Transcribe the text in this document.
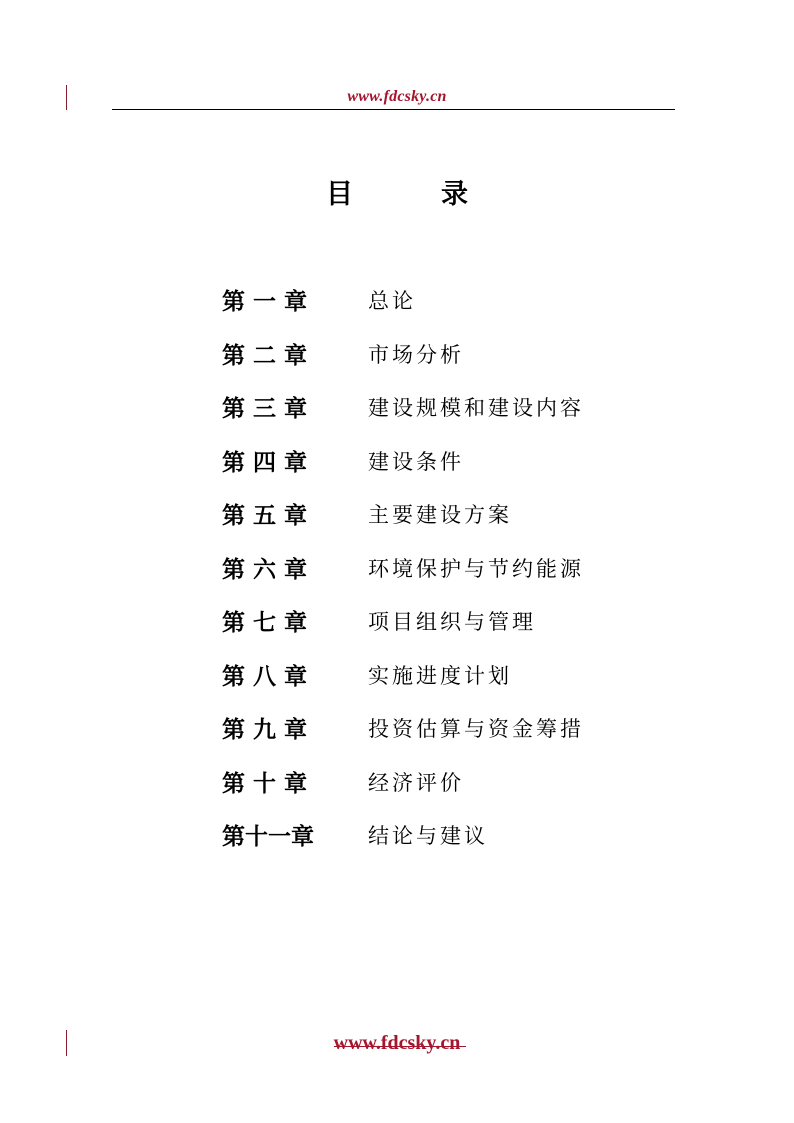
www.fdcsky.cn
目	录
第 一 章	总论
第 二 章	市场分析
第 三 章	建设规模和建设内容
第 四 章	建设条件
第 五 章	主要建设方案
第 六 章	环境保护与节约能源
第 七 章	项目组织与管理
第 八 章	实施进度计划
第 九 章	投资估算与资金筹措
第 十 章	经济评价
第十一章	结论与建议
www.fdcsky.cn
